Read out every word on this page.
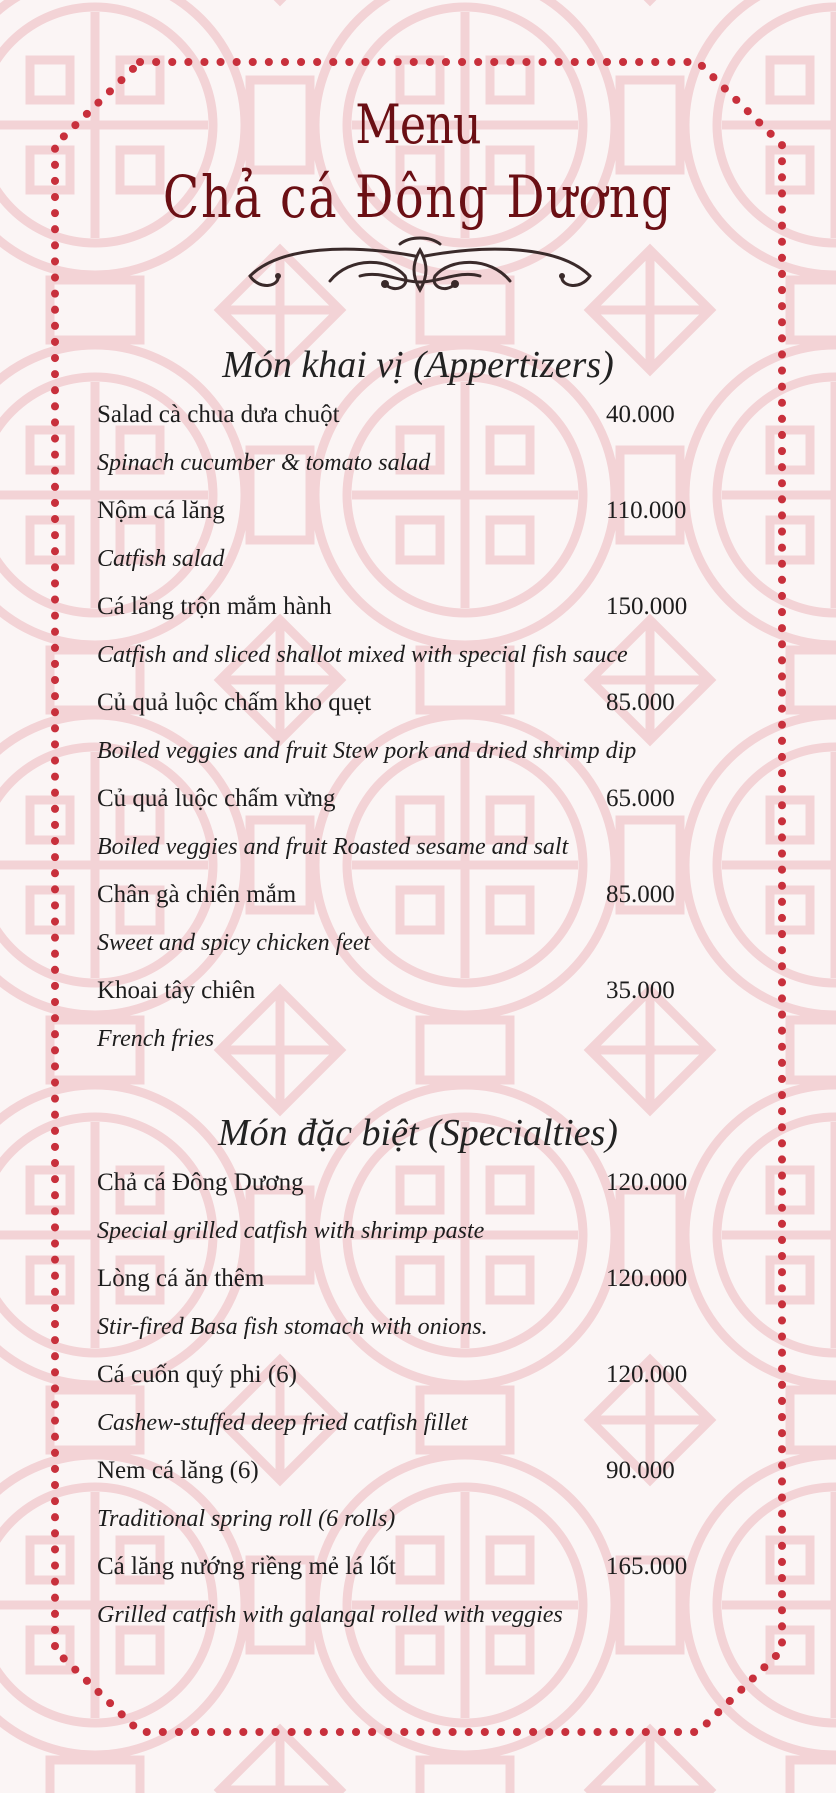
Menu
Chả cá Đông Dương
Món khai vị (Appertizers)
Salad cà chua dưa chuột	40.000
Spinach cucumber & tomato salad
Nộm cá lăng	110.000
Catfish salad
Cá lăng trộn mắm hành	150.000
Catfish and sliced shallot mixed with special fish sauce
Củ quả luộc chấm kho quẹt	85.000
Boiled veggies and fruit Stew pork and dried shrimp dip
Củ quả luộc chấm vừng	65.000
Boiled veggies and fruit Roasted sesame and salt
Chân gà chiên mắm	85.000
Sweet and spicy chicken feet
Khoai tây chiên	35.000
French fries
Món đặc biệt (Specialties)
Chả cá Đông Dương	120.000
Special grilled catfish with shrimp paste
Lòng cá ăn thêm	120.000
Stir-fired Basa fish stomach with onions.
Cá cuốn quý phi (6)	120.000
Cashew-stuffed deep fried catfish fillet
Nem cá lăng (6)	90.000
Traditional spring roll (6 rolls)
Cá lăng nướng riềng mẻ lá lốt	165.000
Grilled catfish with galangal rolled with veggies
